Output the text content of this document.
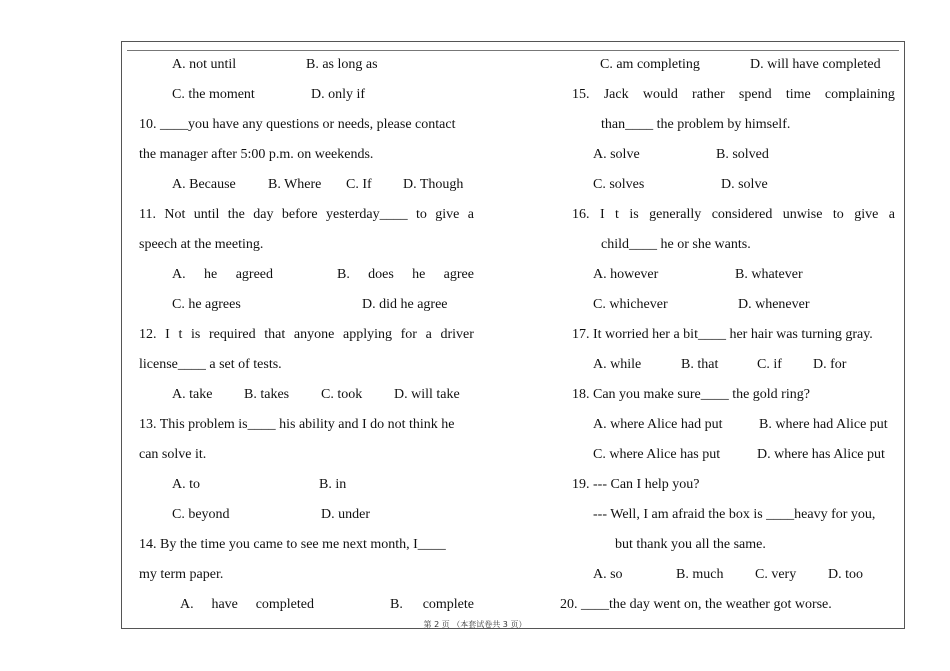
A. not until	B. as long as
C. the moment	D. only if
10. ____you have any questions or needs, please contact
the manager after 5:00 p.m. on weekends.
A. Because B. Where C. If D. Though
11. Not until the day before yesterday____ to give a
speech at the meeting.
A. he agreed	B. does he agree
C. he agrees	D. did he agree
12. I t is required that anyone applying for a driver
license____ a set of tests.
A. take B. takes C. took D. will take
13. This problem is____ his ability and I do not think he
can solve it.
A. to	B. in
C. beyond	D. under
14. By the time you came to see me next month, I____
my term paper.
A. have completed	B. complete
C. am completing	D. will have completed
15. Jack would rather spend time complaining
than____ the problem by himself.
A. solve	B. solved
C. solves	D. solve
16. I t is generally considered unwise to give a
child____ he or she wants.
A. however	B. whatever
C. whichever	D. whenever
17. It worried her a bit____ her hair was turning gray.
A. while	B. that	C. if D. for
18. Can you make sure____ the gold ring?
A. where Alice had put	B. where had Alice put
C. where Alice has put	D. where has Alice put
19. --- Can I help you?
--- Well, I am afraid the box is ____heavy for you,
but thank you all the same.
A. so	B. much C. very D. too
20. ____the day went on, the weather got worse.
第 2 页 （本套试卷共 3 页）
